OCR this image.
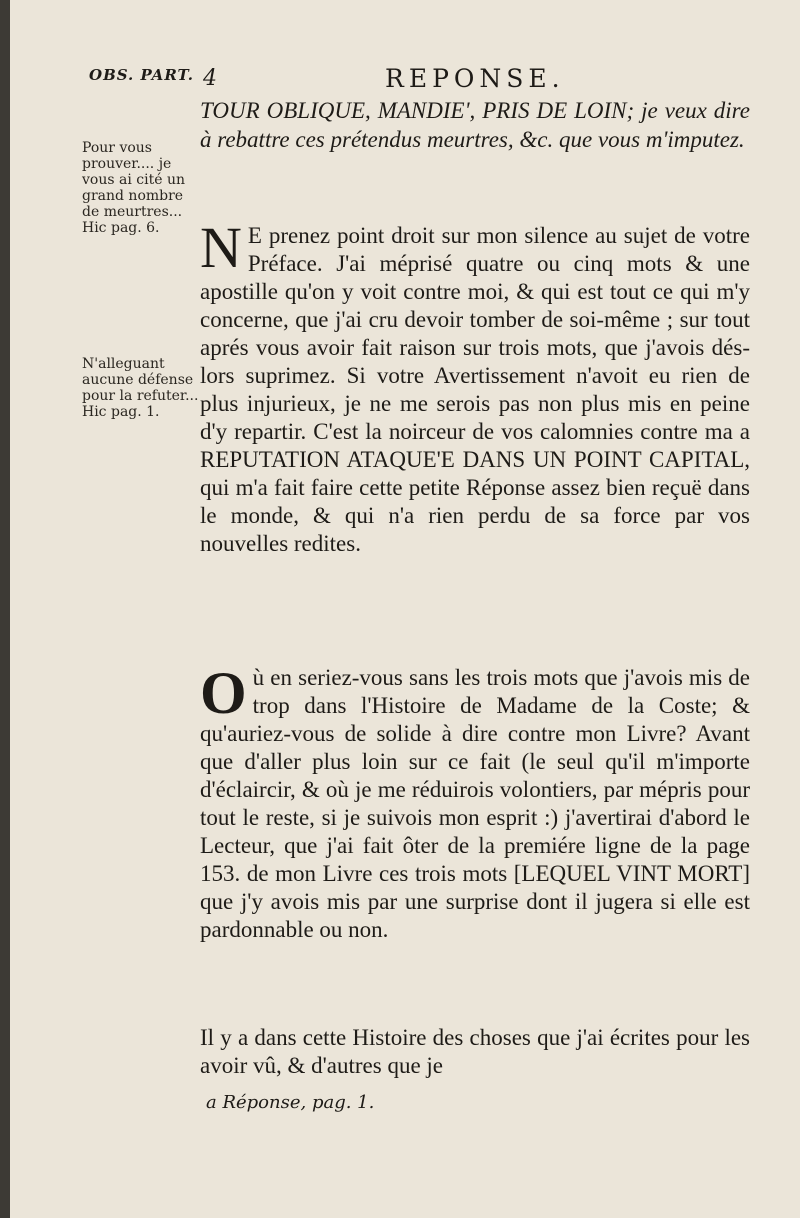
OBS. PART. 4	REPONSE.
Pour vous prouver.... je vous ai cité un grand nombre de meurtres... Hic pag. 6.
N'alleguant aucune défense pour la refuter... Hic pag. 1.
TOUR OBLIQUE, MANDIE', PRIS DE LOIN; je veux dire à rebattre ces prétendus meurtres, &c. que vous m'imputez.
N E prenez point droit sur mon silence au sujet de votre Préface. J'ai méprisé quatre ou cinq mots & une apostille qu'on y voit contre moi, & qui est tout ce qui m'y concerne, que j'ai cru devoir tomber de soi-même ; sur tout aprés vous avoir fait raison sur trois mots, que j'avois dés-lors suprimez. Si votre Avertissement n'avoit eu rien de plus injurieux, je ne me serois pas non plus mis en peine d'y repartir. C'est la noirceur de vos calomnies contre ma a REPUTATION ATAQUE'E DANS UN POINT CAPITAL, qui m'a fait faire cette petite Réponse assez bien reçuë dans le monde, & qui n'a rien perdu de sa force par vos nouvelles redites.
O ù en seriez-vous sans les trois mots que j'avois mis de trop dans l'Histoire de Madame de la Coste; & qu'auriez-vous de solide à dire contre mon Livre? Avant que d'aller plus loin sur ce fait (le seul qu'il m'importe d'éclaircir, & où je me réduirois volontiers, par mépris pour tout le reste, si je suivois mon esprit :) j'avertirai d'abord le Lecteur, que j'ai fait ôter de la premiére ligne de la page 153. de mon Livre ces trois mots [LEQUEL VINT MORT] que j'y avois mis par une surprise dont il jugera si elle est pardonnable ou non.
Il y a dans cette Histoire des choses que j'ai écrites pour les avoir vû, & d'autres que je
a Réponse, pag. 1.
